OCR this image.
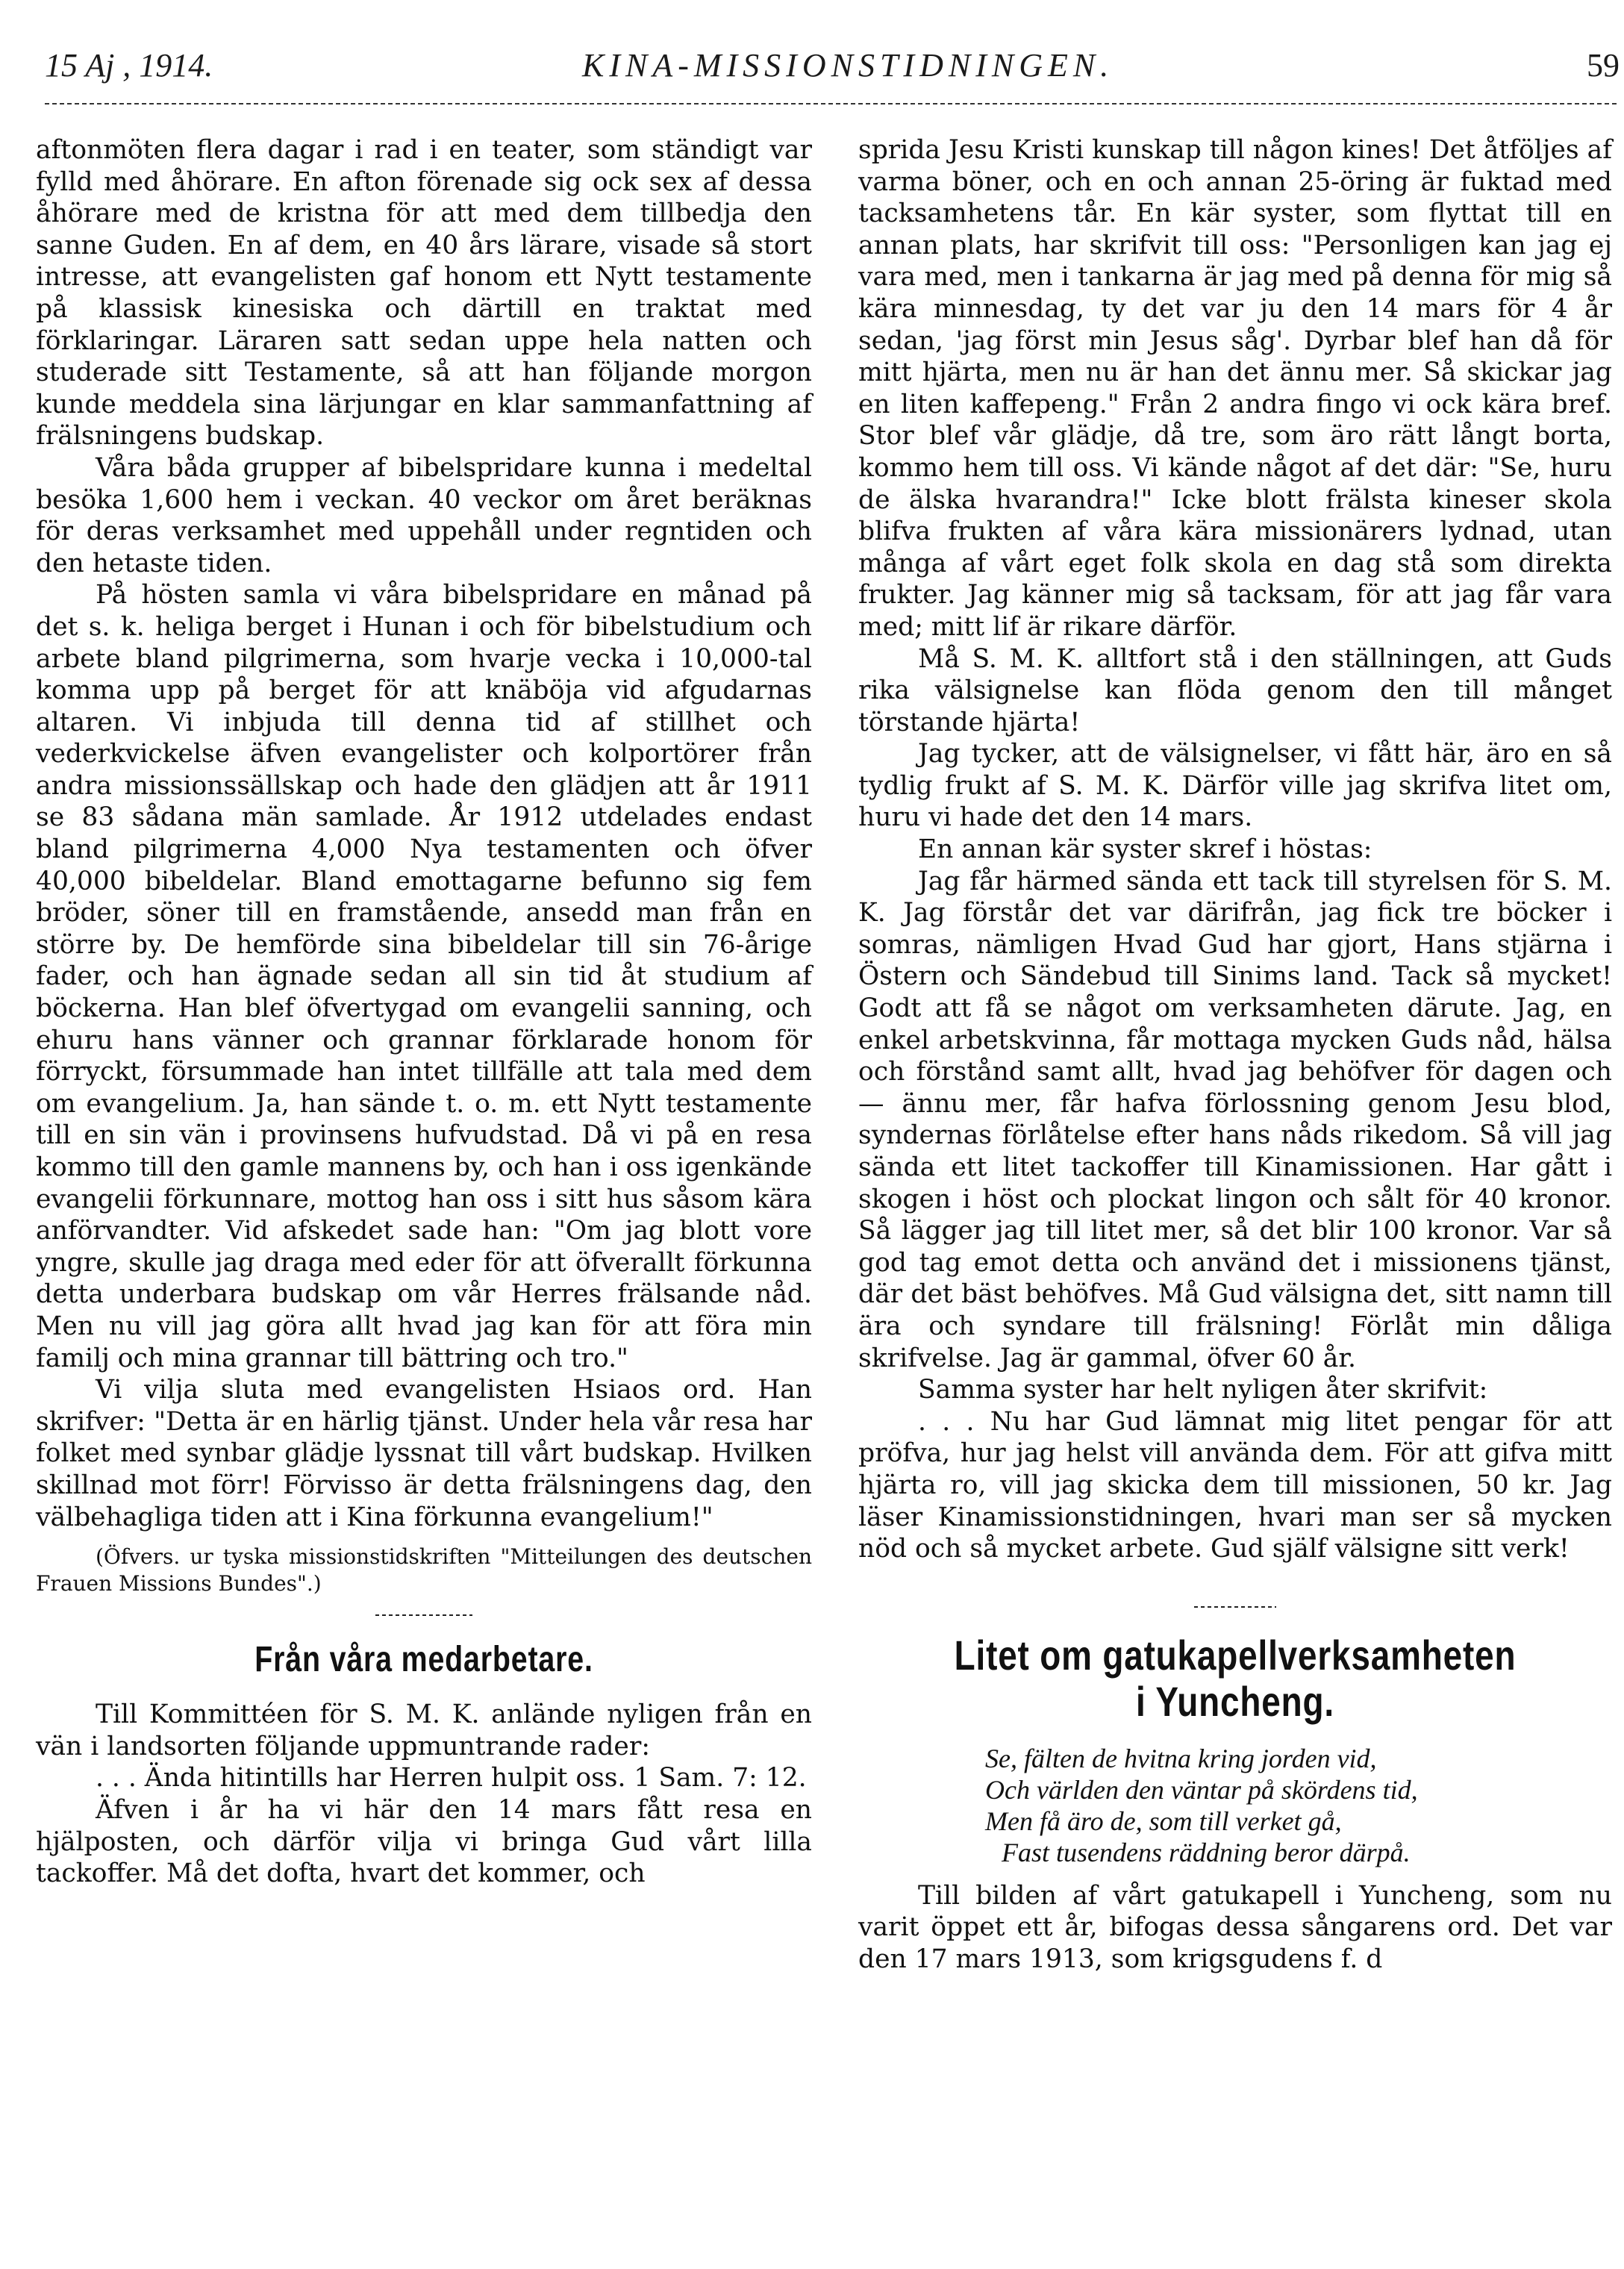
15 Aj , 1914.	KINA-MISSIONSTIDNINGEN.	59

aftonmöten flera dagar i rad i en teater, som ständigt var fylld med åhörare. En afton förenade sig ock sex af dessa åhörare med de kristna för att med dem tillbedja den sanne Guden. En af dem, en 40 års lärare, visade så stort intresse, att evangelisten gaf honom ett Nytt testamente på klassisk kinesiska och därtill en traktat med förklaringar. Läraren satt sedan uppe hela natten och studerade sitt Testamente, så att han följande morgon kunde meddela sina lärjungar en klar sammanfattning af frälsningens budskap.

Våra båda grupper af bibelspridare kunna i medeltal besöka 1,600 hem i veckan. 40 veckor om året beräknas för deras verksamhet med uppehåll under regntiden och den hetaste tiden.

På hösten samla vi våra bibelspridare en månad på det s. k. heliga berget i Hunan i och för bibelstudium och arbete bland pilgrimerna, som hvarje vecka i 10,000-tal komma upp på berget för att knäböja vid afgudarnas altaren. Vi inbjuda till denna tid af stillhet och vederkvickelse äfven evangelister och kolportörer från andra missionssällskap och hade den glädjen att år 1911 se 83 sådana män samlade. År 1912 utdelades endast bland pilgrimerna 4,000 Nya testamenten och öfver 40,000 bibeldelar. Bland emottagarne befunno sig fem bröder, söner till en framstående, ansedd man från en större by. De hemförde sina bibeldelar till sin 76-årige fader, och han ägnade sedan all sin tid åt studium af böckerna. Han blef öfvertygad om evangelii sanning, och ehuru hans vänner och grannar förklarade honom för förryckt, försummade han intet tillfälle att tala med dem om evangelium. Ja, han sände t. o. m. ett Nytt testamente till en sin vän i provinsens hufvudstad. Då vi på en resa kommo till den gamle mannens by, och han i oss igenkände evangelii förkunnare, mottog han oss i sitt hus såsom kära anförvandter. Vid afskedet sade han: "Om jag blott vore yngre, skulle jag draga med eder för att öfverallt förkunna detta underbara budskap om vår Herres frälsande nåd. Men nu vill jag göra allt hvad jag kan för att föra min familj och mina grannar till bättring och tro."

Vi vilja sluta med evangelisten Hsiaos ord. Han skrifver: "Detta är en härlig tjänst. Under hela vår resa har folket med synbar glädje lyssnat till vårt budskap. Hvilken skillnad mot förr! Förvisso är detta frälsningens dag, den välbehagliga tiden att i Kina förkunna evangelium!"

(Öfvers. ur tyska missionstidskriften "Mitteilungen des deutschen Frauen Missions Bundes".)

Från våra medarbetare.

Till Kommittéen för S. M. K. anlände nyligen från en vän i landsorten följande uppmuntrande rader:

. . . Ända hitintills har Herren hulpit oss. 1 Sam. 7: 12.

Äfven i år ha vi här den 14 mars fått resa en hjälposten, och därför vilja vi bringa Gud vårt lilla tackoffer. Må det dofta, hvart det kommer, och

sprida Jesu Kristi kunskap till någon kines! Det åtföljes af varma böner, och en och annan 25-öring är fuktad med tacksamhetens tår. En kär syster, som flyttat till en annan plats, har skrifvit till oss: "Personligen kan jag ej vara med, men i tankarna är jag med på denna för mig så kära minnesdag, ty det var ju den 14 mars för 4 år sedan, 'jag först min Jesus såg'. Dyrbar blef han då för mitt hjärta, men nu är han det ännu mer. Så skickar jag en liten kaffepeng." Från 2 andra fingo vi ock kära bref. Stor blef vår glädje, då tre, som äro rätt långt borta, kommo hem till oss. Vi kände något af det där: "Se, huru de älska hvarandra!" Icke blott frälsta kineser skola blifva frukten af våra kära missionärers lydnad, utan många af vårt eget folk skola en dag stå som direkta frukter. Jag känner mig så tacksam, för att jag får vara med; mitt lif är rikare därför.

Må S. M. K. alltfort stå i den ställningen, att Guds rika välsignelse kan flöda genom den till månget törstande hjärta!

Jag tycker, att de välsignelser, vi fått här, äro en så tydlig frukt af S. M. K. Därför ville jag skrifva litet om, huru vi hade det den 14 mars.

En annan kär syster skref i höstas:

Jag får härmed sända ett tack till styrelsen för S. M. K. Jag förstår det var därifrån, jag fick tre böcker i somras, nämligen Hvad Gud har gjort, Hans stjärna i Östern och Sändebud till Sinims land. Tack så mycket! Godt att få se något om verksamheten därute. Jag, en enkel arbetskvinna, får mottaga mycken Guds nåd, hälsa och förstånd samt allt, hvad jag behöfver för dagen och — ännu mer, får hafva förlossning genom Jesu blod, syndernas förlåtelse efter hans nåds rikedom. Så vill jag sända ett litet tackoffer till Kinamissionen. Har gått i skogen i höst och plockat lingon och sålt för 40 kronor. Så lägger jag till litet mer, så det blir 100 kronor. Var så god tag emot detta och använd det i missionens tjänst, där det bäst behöfves. Må Gud välsigna det, sitt namn till ära och syndare till frälsning! Förlåt min dåliga skrifvelse. Jag är gammal, öfver 60 år.

Samma syster har helt nyligen åter skrifvit:

. . . Nu har Gud lämnat mig litet pengar för att pröfva, hur jag helst vill använda dem. För att gifva mitt hjärta ro, vill jag skicka dem till missionen, 50 kr. Jag läser Kinamissionstidningen, hvari man ser så mycken nöd och så mycket arbete. Gud själf välsigne sitt verk!

Litet om gatukapellverksamheten
i Yuncheng.
Se, fälten de hvitna kring jorden vid,
Och världen den väntar på skördens tid,
Men få äro de, som till verket gå,
Fast tusendens räddning beror därpå.

Till bilden af vårt gatukapell i Yuncheng, som nu varit öppet ett år, bifogas dessa sångarens ord. Det var den 17 mars 1913, som krigsgudens f. d
